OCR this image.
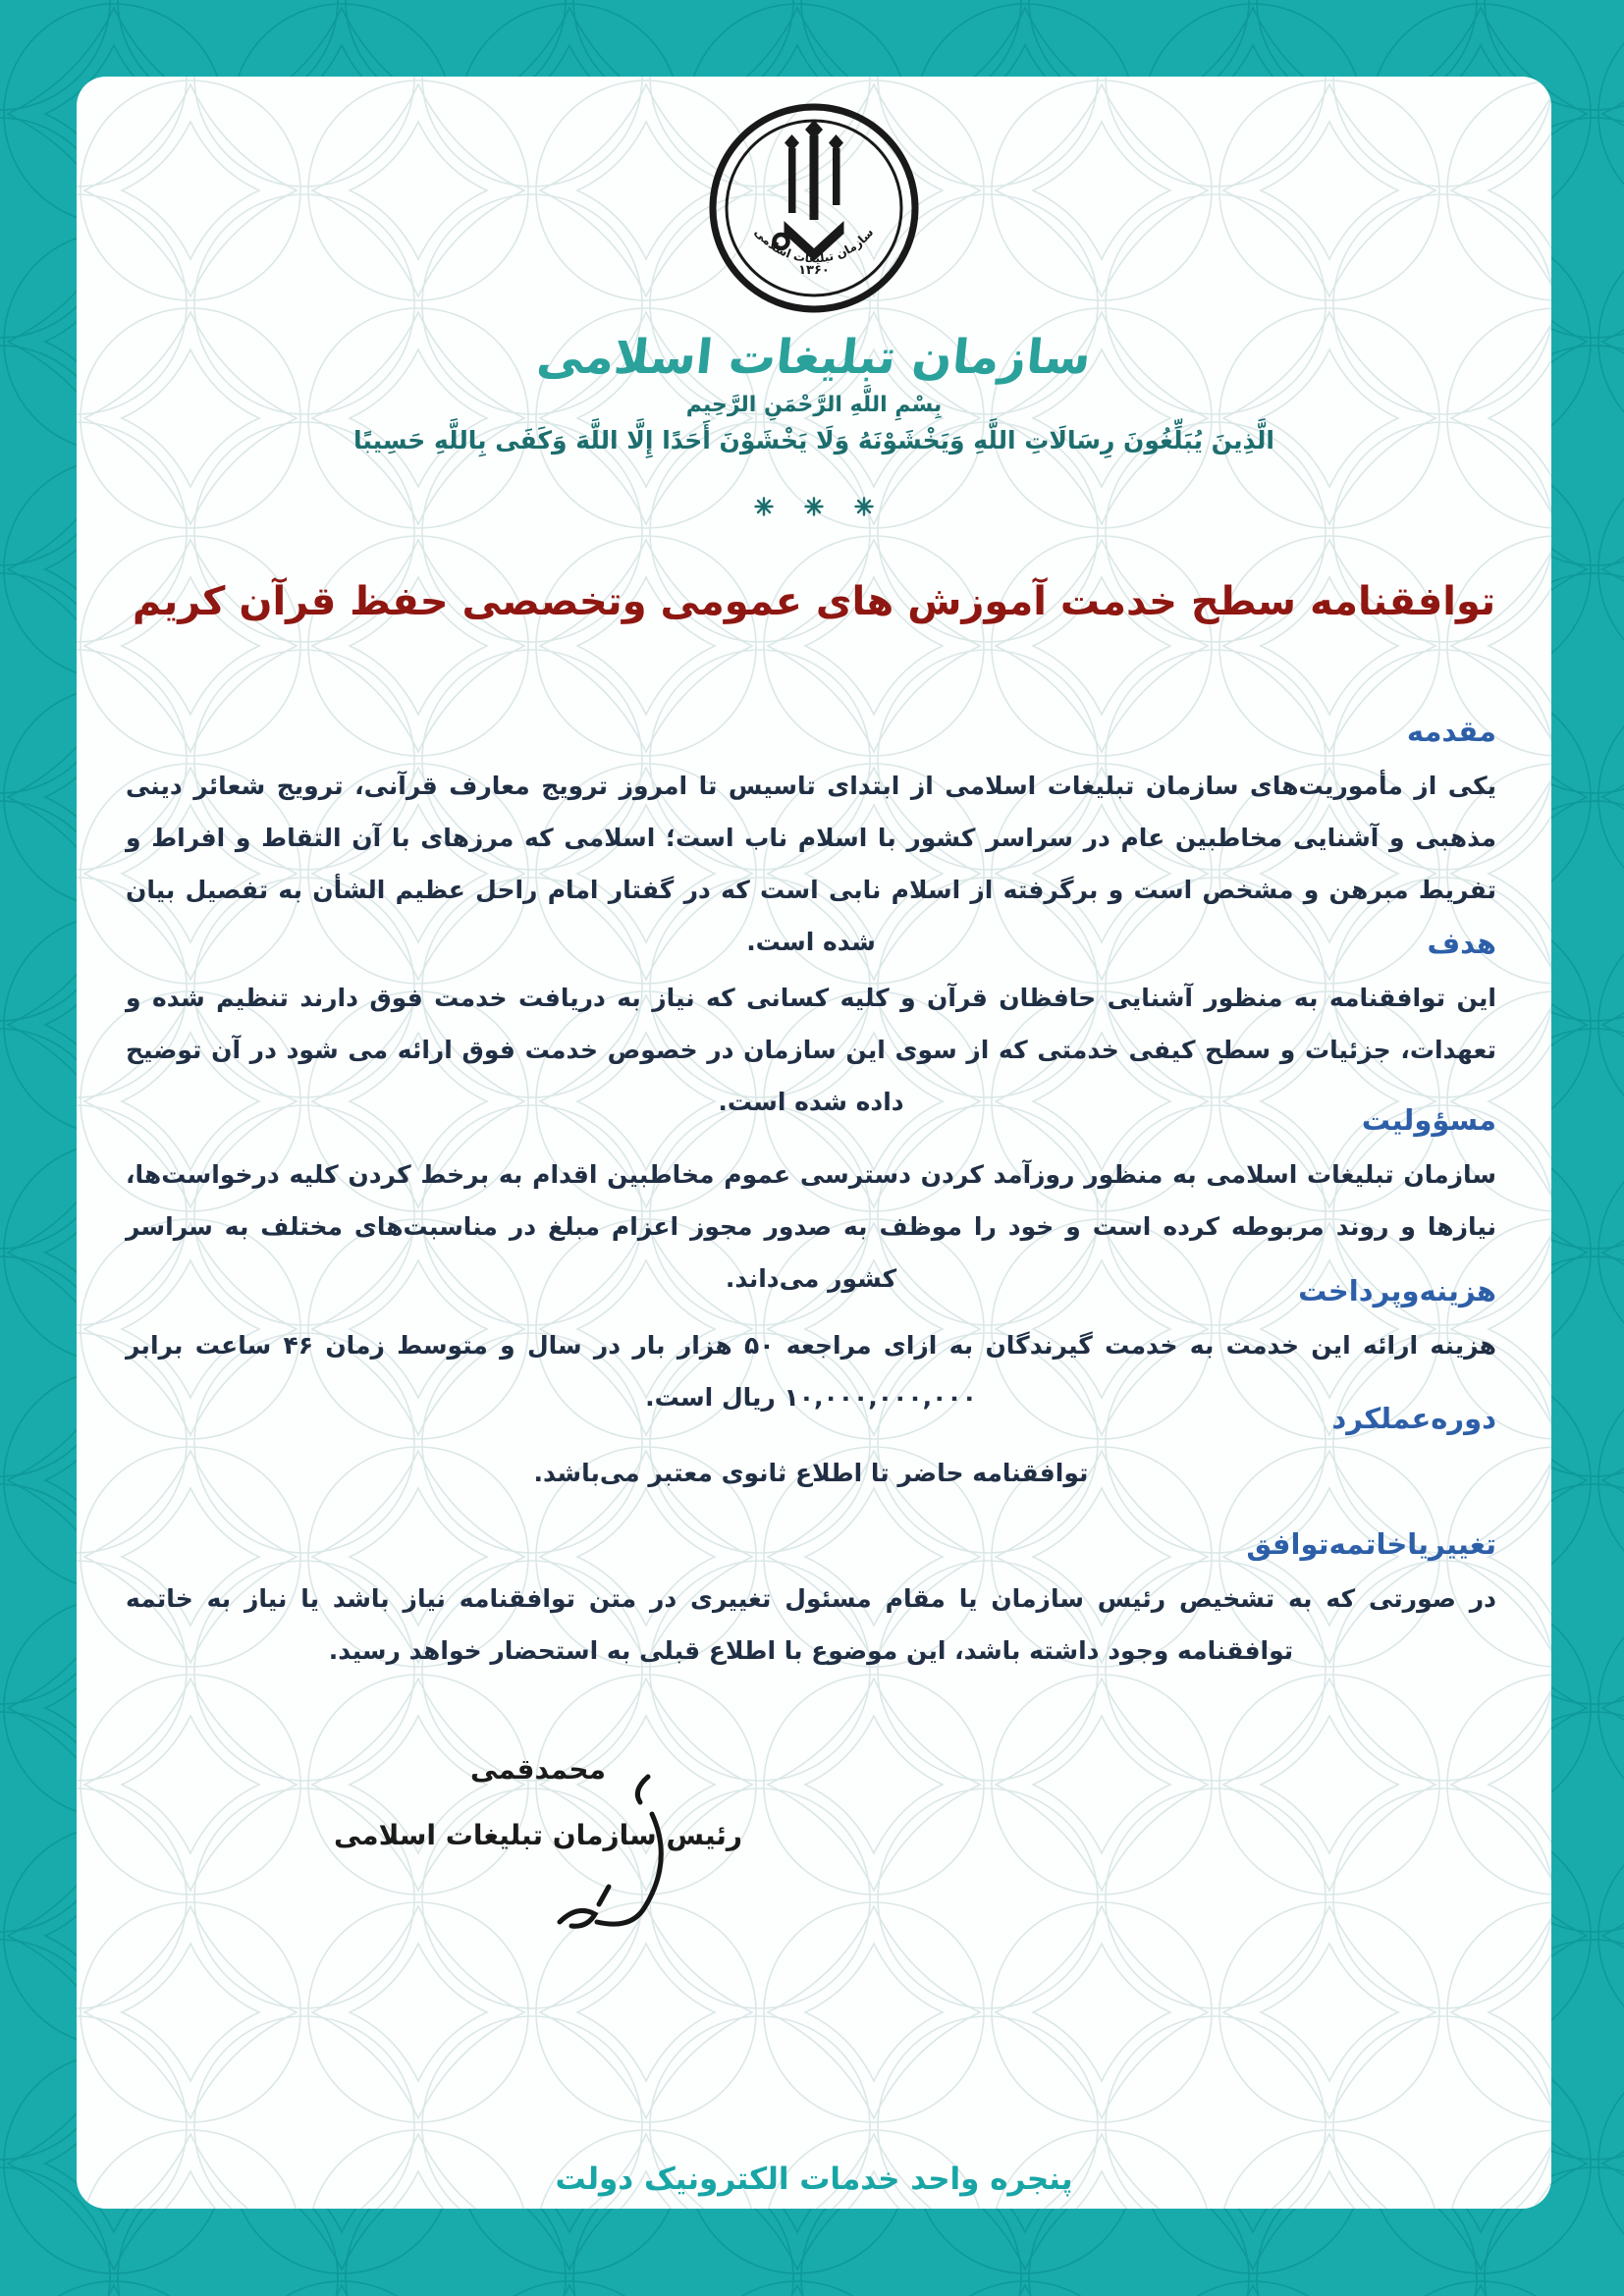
۱۳۶۰
سازمان تبلیغات اسلامی
سازمان تبلیغات اسلامی
بِسْمِ اللَّهِ الرَّحْمَنِ الرَّحِيم
الَّذِينَ يُبَلِّغُونَ رِسَالَاتِ اللَّهِ وَيَخْشَوْنَهُ وَلَا يَخْشَوْنَ أَحَدًا إِلَّا اللَّهَ وَكَفَى بِاللَّهِ حَسِيبًا

توافقنامه سطح خدمت آموزش های عمومی وتخصصی حفظ قرآن کریم
مقدمه
یکی از مأموریت‌های سازمان تبلیغات اسلامی از ابتدای تاسیس تا امروز ترویج معارف قرآنی، ترویج شعائر دینی مذهبی و آشنایی مخاطبین عام در سراسر کشور با اسلام ناب است؛ اسلامی که مرزهای با آن التقاط و افراط و تفریط مبرهن و مشخص است و برگرفته از اسلام نابی است که در گفتار امام راحل عظیم الشأن به تفصیل بیان شده است.	هدف
این توافقنامه به منظور آشنایی حافظان قرآن و کلیه کسانی که نیاز به دریافت خدمت فوق دارند تنظیم شده و تعهدات، جزئیات و سطح کیفی خدمتی که از سوی این سازمان در خصوص خدمت فوق ارائه می شود در آن توضیح داده شده است.
مسؤولیت
سازمان تبلیغات اسلامی به منظور روزآمد کردن دسترسی عموم مخاطبین اقدام به برخط کردن کلیه درخواست‌ها، نیازها و روند مربوطه کرده است و خود را موظف به صدور مجوز اعزام مبلغ در مناسبت‌های مختلف به سراسر کشور می‌داند.	هزینه‌وپرداخت
هزینه ارائه این خدمت به خدمت گیرندگان به ازای مراجعه ۵۰ هزار بار در سال و متوسط زمان ۴۶ ساعت برابر ۱۰,۰۰۰,۰۰۰,۰۰۰ ریال است.
دوره‌عملکرد
توافقنامه حاضر تا اطلاع ثانوی معتبر می‌باشد.
تغییریاخاتمه‌توافق
در صورتی که به تشخیص رئیس سازمان یا مقام مسئول تغییری در متن توافقنامه نیاز باشد یا نیاز به خاتمه توافقنامه وجود داشته باشد، این موضوع با اطلاع قبلی به استحضار خواهد رسید.
محمدقمی
رئیس سازمان تبلیغات اسلامی
پنجره واحد خدمات الکترونیک دولت
